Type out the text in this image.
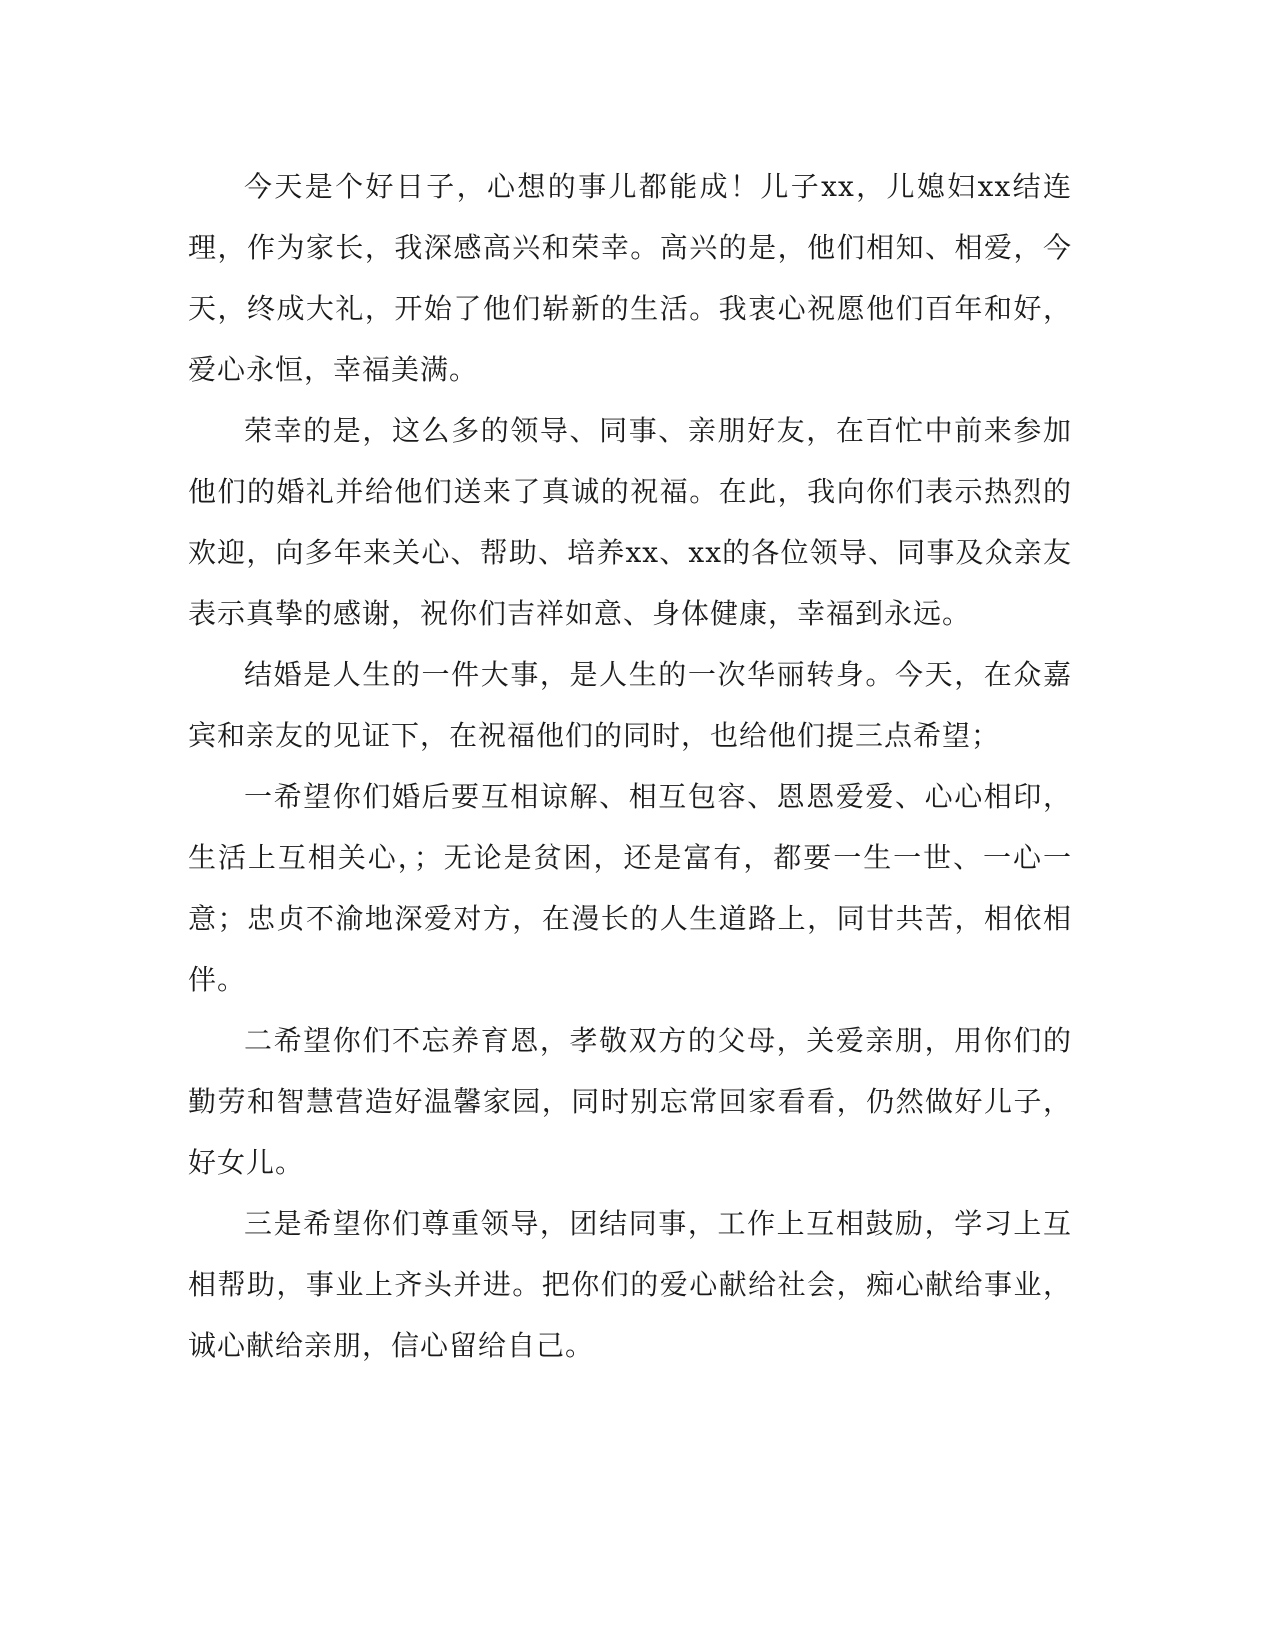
今天是个好日子，心想的事儿都能成！儿子xx，儿媳妇xx结连理，作为家长，我深感高兴和荣幸。高兴的是，他们相知、相爱，今天，终成大礼，开始了他们崭新的生活。我衷心祝愿他们百年和好，爱心永恒，幸福美满。

荣幸的是，这么多的领导、同事、亲朋好友，在百忙中前来参加他们的婚礼并给他们送来了真诚的祝福。在此，我向你们表示热烈的欢迎，向多年来关心、帮助、培养xx、xx的各位领导、同事及众亲友表示真挚的感谢，祝你们吉祥如意、身体健康，幸福到永远。

结婚是人生的一件大事，是人生的一次华丽转身。今天，在众嘉宾和亲友的见证下，在祝福他们的同时，也给他们提三点希望；

一希望你们婚后要互相谅解、相互包容、恩恩爱爱、心心相印，生活上互相关心，；无论是贫困，还是富有，都要一生一世、一心一意；忠贞不渝地深爱对方，在漫长的人生道路上，同甘共苦，相依相伴。

二希望你们不忘养育恩，孝敬双方的父母，关爱亲朋，用你们的勤劳和智慧营造好温馨家园，同时别忘常回家看看，仍然做好儿子，好女儿。

三是希望你们尊重领导，团结同事，工作上互相鼓励，学习上互相帮助，事业上齐头并进。把你们的爱心献给社会，痴心献给事业，诚心献给亲朋，信心留给自己。
